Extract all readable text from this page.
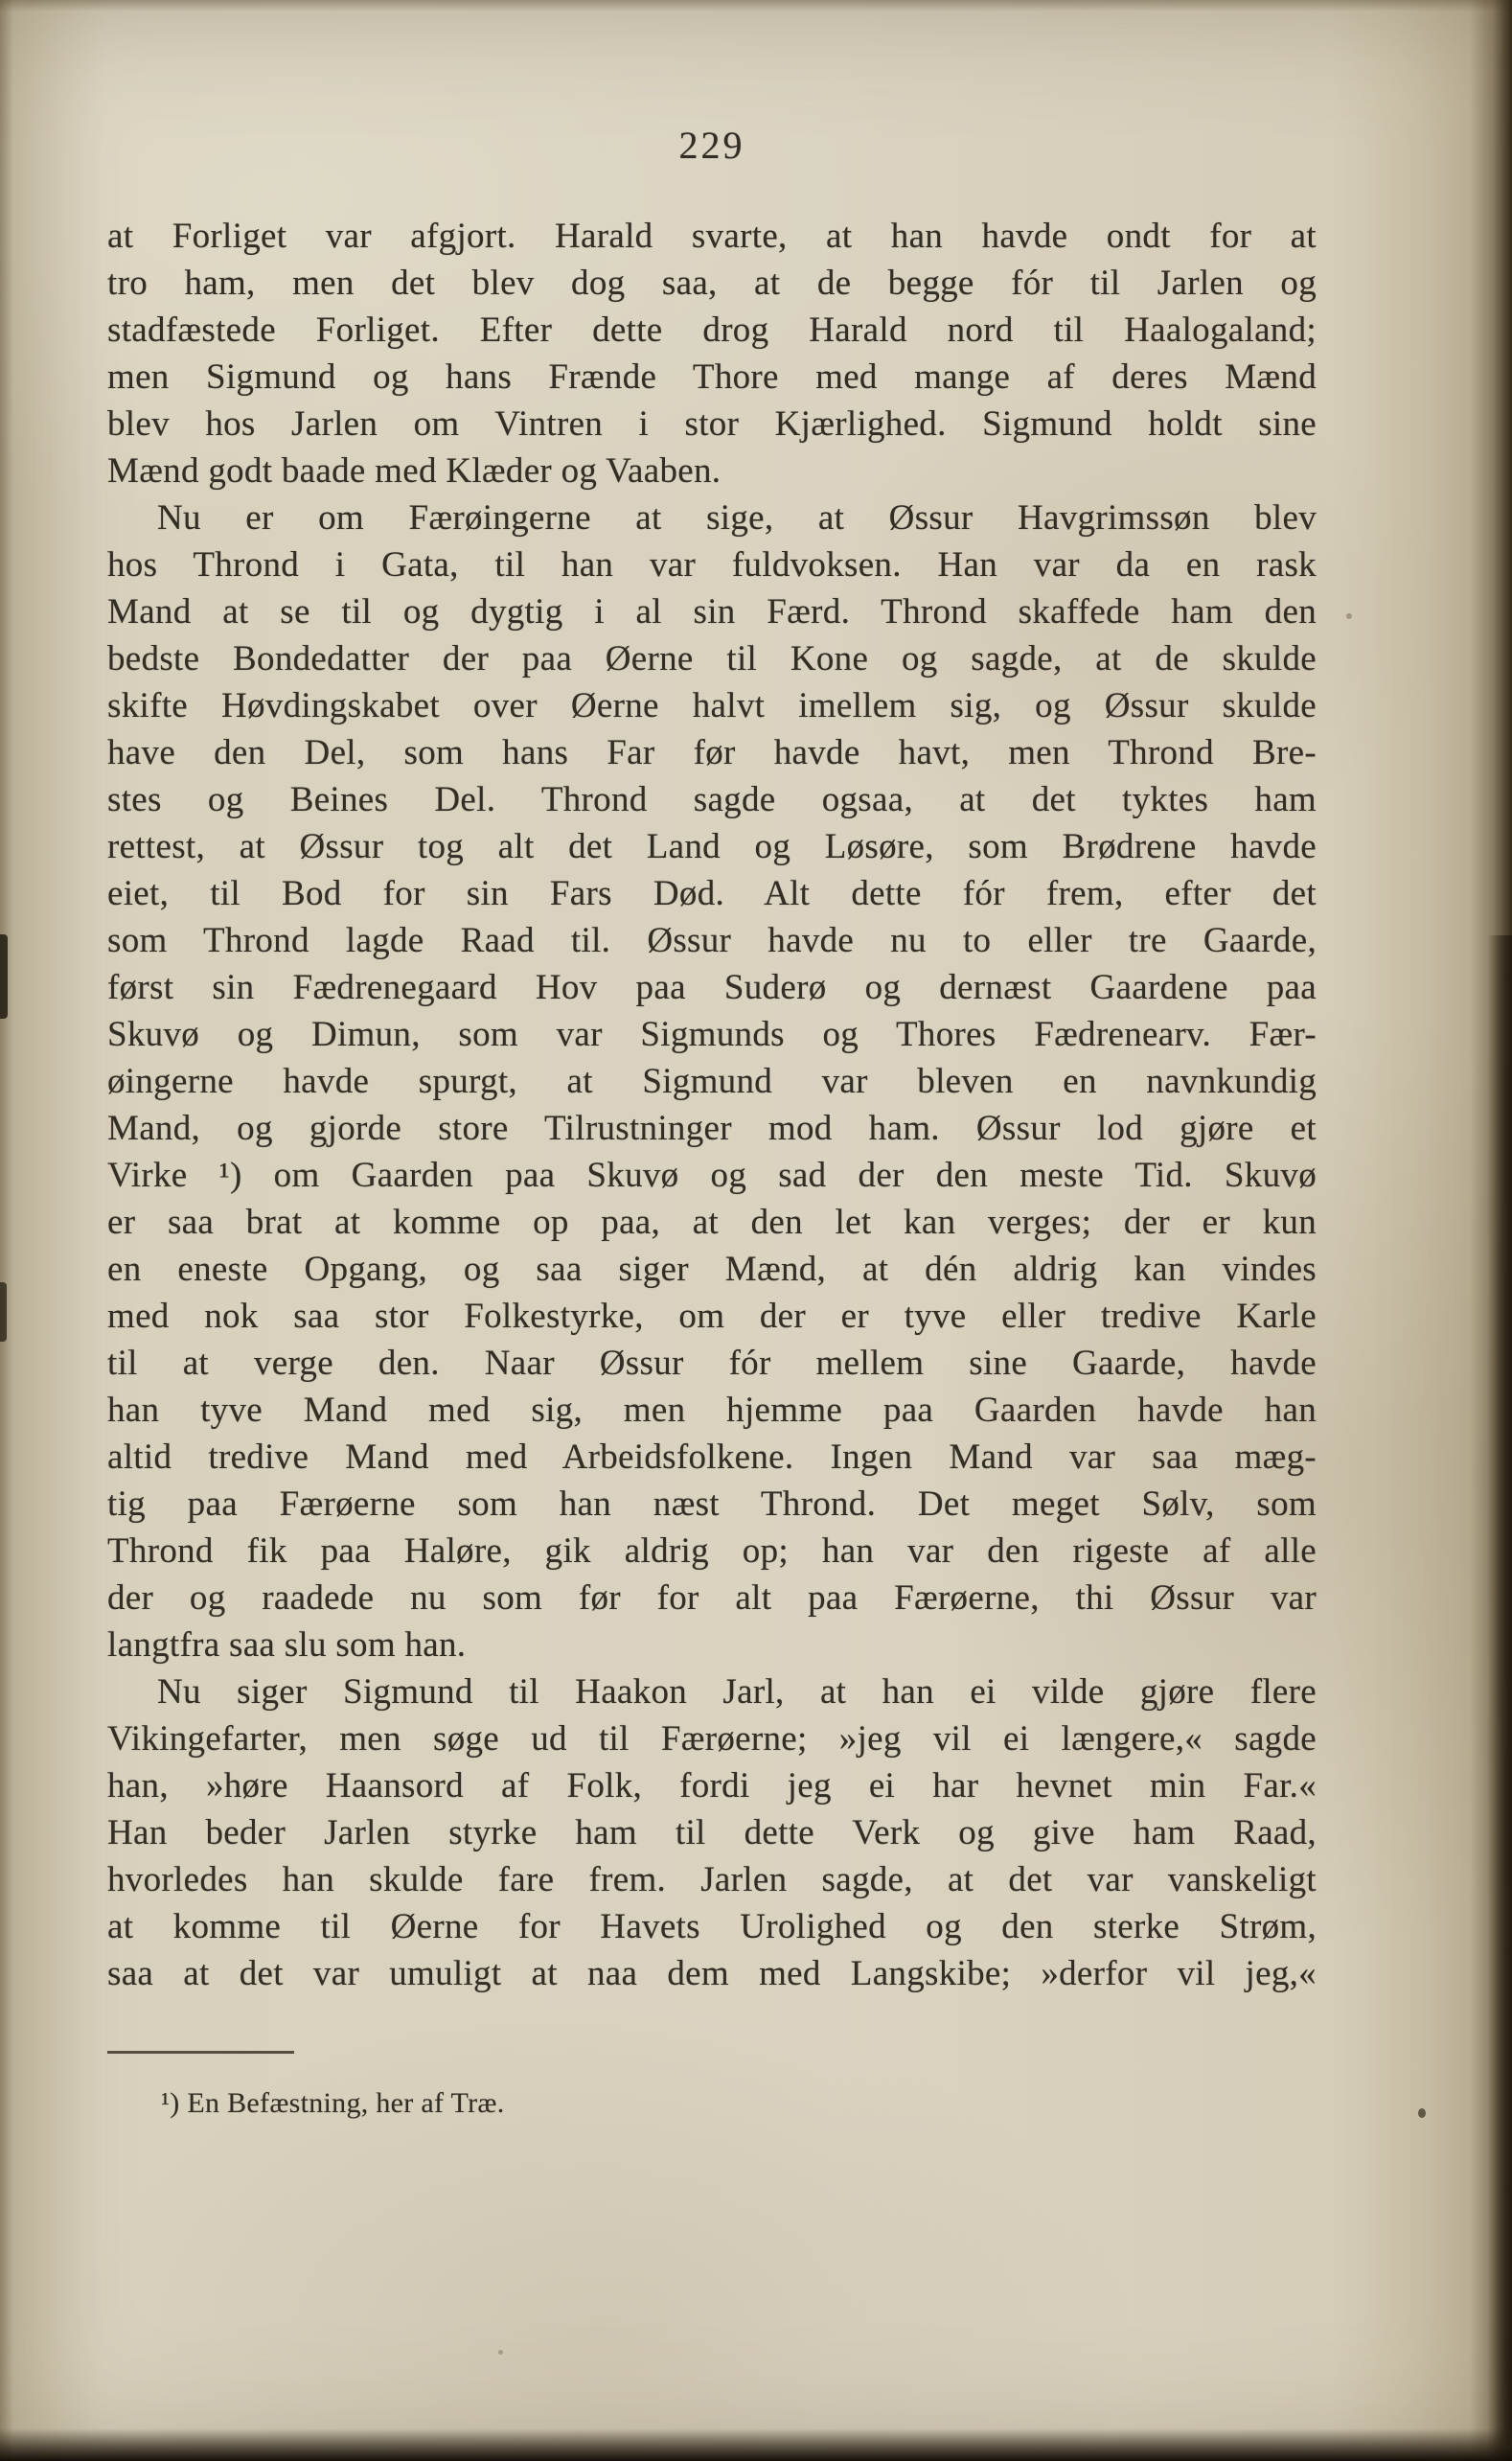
229
at Forliget var afgjort. Harald svarte, at han havde ondt for at
tro ham, men det blev dog saa, at de begge fór til Jarlen og
stadfæstede Forliget. Efter dette drog Harald nord til Haalogaland;
men Sigmund og hans Frænde Thore med mange af deres Mænd
blev hos Jarlen om Vintren i stor Kjærlighed. Sigmund holdt sine
Mænd godt baade med Klæder og Vaaben.
Nu er om Færøingerne at sige, at Øssur Havgrimssøn blev
hos Thrond i Gata, til han var fuldvoksen. Han var da en rask
Mand at se til og dygtig i al sin Færd. Thrond skaffede ham den
bedste Bondedatter der paa Øerne til Kone og sagde, at de skulde
skifte Høvdingskabet over Øerne halvt imellem sig, og Øssur skulde
have den Del, som hans Far før havde havt, men Thrond Bre-
stes og Beines Del. Thrond sagde ogsaa, at det tyktes ham
rettest, at Øssur tog alt det Land og Løsøre, som Brødrene havde
eiet, til Bod for sin Fars Død. Alt dette fór frem, efter det
som Thrond lagde Raad til. Øssur havde nu to eller tre Gaarde,
først sin Fædrenegaard Hov paa Suderø og dernæst Gaardene paa
Skuvø og Dimun, som var Sigmunds og Thores Fædrenearv. Fær-
øingerne havde spurgt, at Sigmund var bleven en navnkundig
Mand, og gjorde store Tilrustninger mod ham. Øssur lod gjøre et
Virke ¹) om Gaarden paa Skuvø og sad der den meste Tid. Skuvø
er saa brat at komme op paa, at den let kan verges; der er kun
en eneste Opgang, og saa siger Mænd, at dén aldrig kan vindes
med nok saa stor Folkestyrke, om der er tyve eller tredive Karle
til at verge den. Naar Øssur fór mellem sine Gaarde, havde
han tyve Mand med sig, men hjemme paa Gaarden havde han
altid tredive Mand med Arbeidsfolkene. Ingen Mand var saa mæg-
tig paa Færøerne som han næst Thrond. Det meget Sølv, som
Thrond fik paa Haløre, gik aldrig op; han var den rigeste af alle
der og raadede nu som før for alt paa Færøerne, thi Øssur var
langtfra saa slu som han.
Nu siger Sigmund til Haakon Jarl, at han ei vilde gjøre flere
Vikingefarter, men søge ud til Færøerne; »jeg vil ei længere,« sagde
han, »høre Haansord af Folk, fordi jeg ei har hevnet min Far.«
Han beder Jarlen styrke ham til dette Verk og give ham Raad,
hvorledes han skulde fare frem. Jarlen sagde, at det var vanskeligt
at komme til Øerne for Havets Urolighed og den sterke Strøm,
saa at det var umuligt at naa dem med Langskibe; »derfor vil jeg,«
¹) En Befæstning, her af Træ.
